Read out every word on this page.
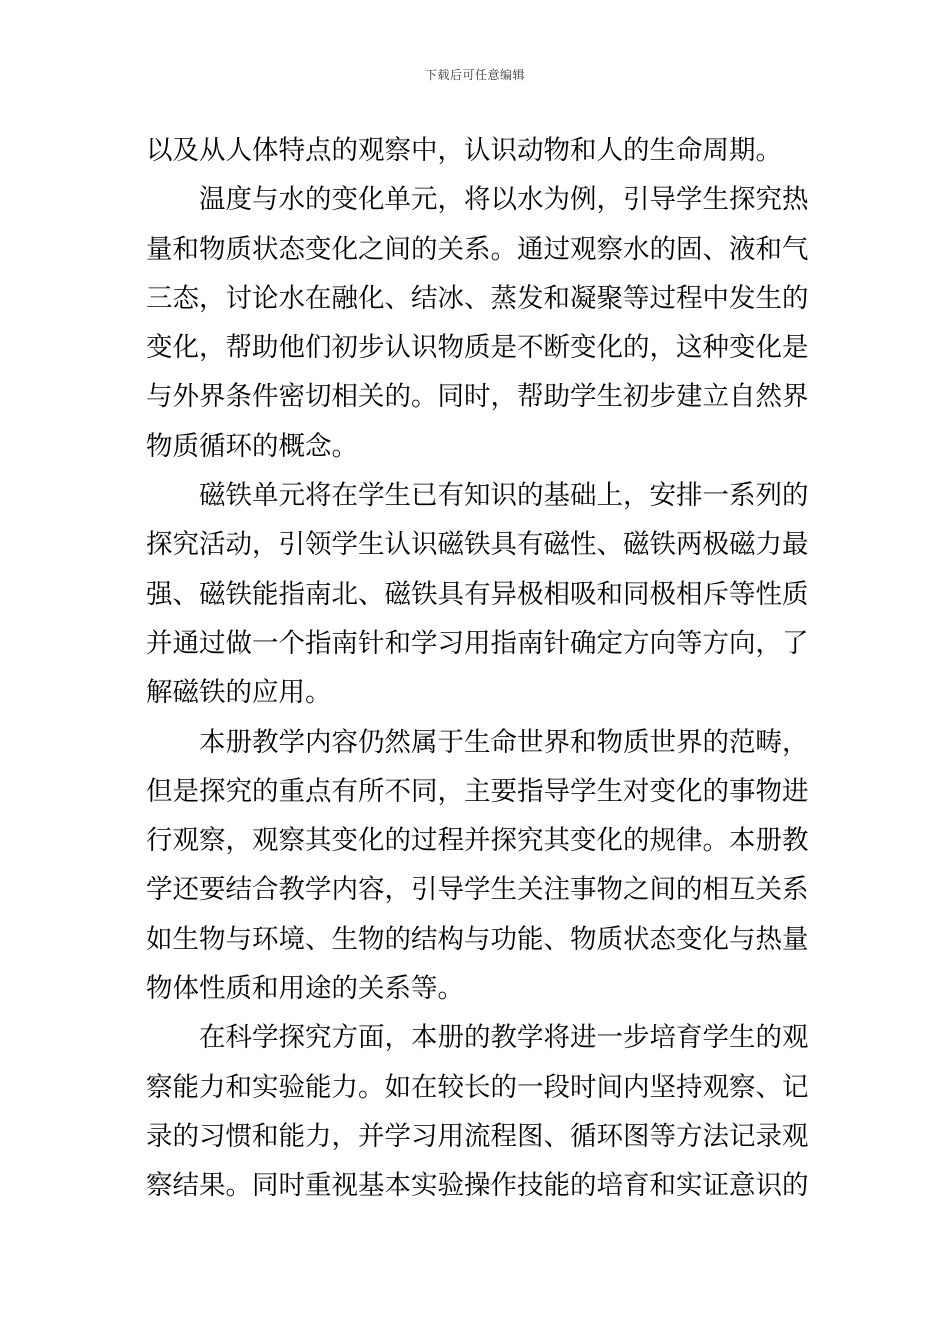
下载后可任意编辑
以及从人体特点的观察中，认识动物和人的生命周期。
温度与水的变化单元，将以水为例，引导学生探究热
量和物质状态变化之间的关系。通过观察水的固、液和气
三态，讨论水在融化、结冰、蒸发和凝聚等过程中发生的
变化，帮助他们初步认识物质是不断变化的，这种变化是
与外界条件密切相关的。同时，帮助学生初步建立自然界
物质循环的概念。
磁铁单元将在学生已有知识的基础上，安排一系列的
探究活动，引领学生认识磁铁具有磁性、磁铁两极磁力最
强、磁铁能指南北、磁铁具有异极相吸和同极相斥等性质
并通过做一个指南针和学习用指南针确定方向等方向，了
解磁铁的应用。
本册教学内容仍然属于生命世界和物质世界的范畴，
但是探究的重点有所不同，主要指导学生对变化的事物进
行观察，观察其变化的过程并探究其变化的规律。本册教
学还要结合教学内容，引导学生关注事物之间的相互关系
如生物与环境、生物的结构与功能、物质状态变化与热量
物体性质和用途的关系等。
在科学探究方面，本册的教学将进一步培育学生的观
察能力和实验能力。如在较长的一段时间内坚持观察、记
录的习惯和能力，并学习用流程图、循环图等方法记录观
察结果。同时重视基本实验操作技能的培育和实证意识的
